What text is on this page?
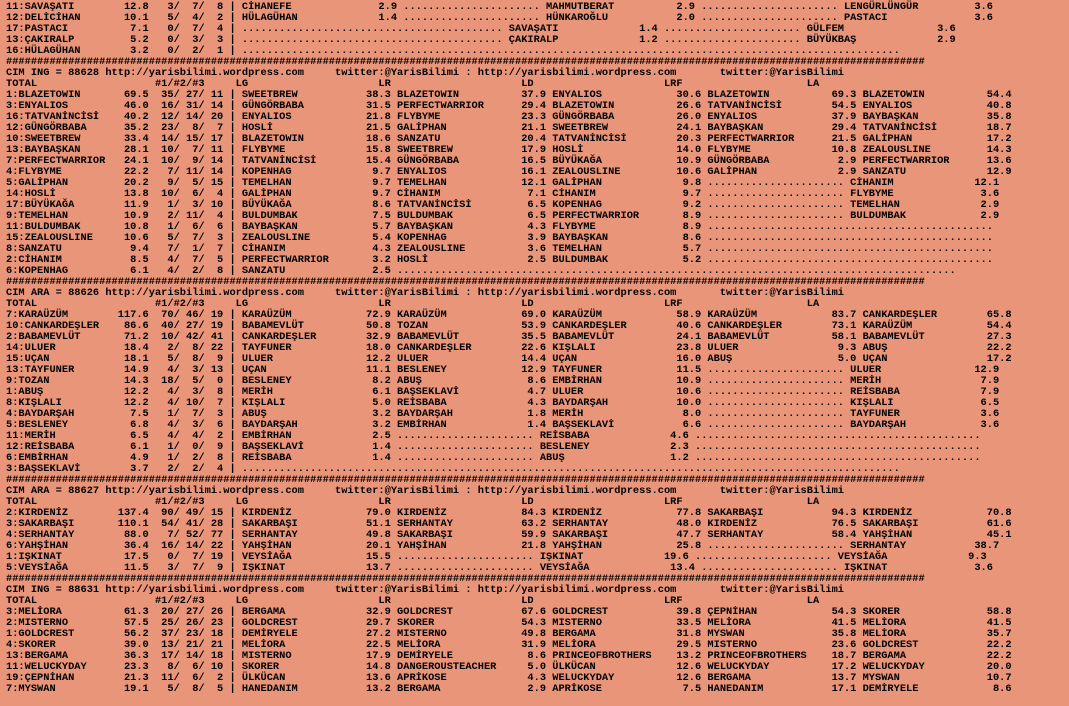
11:SAVAŞATI        12.8   3/  7/  8 | CİHANEFE              2.9 ...................... MAHMUTBERAT          2.9 ...................... LENGÜRLÜNGÜR         3.6
12:DELİCİHAN       10.1   5/  4/  2 | HÜLAGÜHAN             1.4 ...................... HÜNKAROĞLU           2.0 ...................... PASTACI              3.6
17:PASTACI          7.1   0/  7/  4 | .......................................... SAVAŞATI             1.4 ...................... GÜLFEM               3.6
13:ÇAKIRALP         5.2   0/  3/  3 | .......................................... ÇAKIRALP             1.2 ...................... BÜYÜKBAŞ             2.9
16:HÜLAGÜHAN        3.2   0/  2/  1 | ..........................................................................................................
####################################################################################################################################################
CIM ING = 88628 http://yarisbilimi.wordpress.com     twitter:@YarisBilimi : http://yarisbilimi.wordpress.com       twitter:@YarisBilimi
TOTAL                   #1/#2/#3     LG                     LR                     LD                     LRF                    LA
1:BLAZETOWIN       69.5  35/ 27/ 11 | SWEETBREW           38.3 BLAZETOWIN          37.9 ENYALIOS            30.6 BLAZETOWIN          69.3 BLAZETOWIN          54.4
3:ENYALIOS         46.0  16/ 31/ 14 | GÜNGÖRBABA          31.5 PERFECTWARRIOR      29.4 BLAZETOWIN          26.6 TATVANİNCİSİ        54.5 ENYALIOS            40.8
16:TATVANİNCİSİ    40.2  12/ 14/ 20 | ENYALIOS            21.8 FLYBYME             23.3 GÜNGÖRBABA          26.0 ENYALIOS            37.9 BAYBAŞKAN           35.8
12:GÜNGÖRBABA      35.2  23/  8/  7 | HOSLİ               21.5 GALİPHAN            21.1 SWEETBREW           24.1 BAYBAŞKAN           29.4 TATVANİNCİSİ        18.7
10:SWEETBREW       33.4  14/ 15/ 17 | BLAZETOWIN          18.6 SANZATU             20.4 TATVANİNCİSİ        20.3 PERFECTWARRIOR      21.5 GALİPHAN            17.2
13:BAYBAŞKAN       28.1  10/  7/ 11 | FLYBYME             15.8 SWEETBREW           17.9 HOSLİ               14.0 FLYBYME             10.8 ZEALOUSLINE         14.3
7:PERFECTWARRIOR   24.1  10/  9/ 14 | TATVANİNCİSİ        15.4 GÜNGÖRBABA          16.5 BÜYÜKAĞA            10.9 GÜNGÖRBABA           2.9 PERFECTWARRIOR      13.6
4:FLYBYME          22.2   7/ 11/ 14 | KOPENHAG             9.7 ENYALIOS            16.1 ZEALOUSLINE         10.6 GALİPHAN             2.9 SANZATU             12.9
5:GALİPHAN         20.2   9/  5/ 15 | TEMELHAN             9.7 TEMELHAN            12.1 GALİPHAN             9.8 ...................... CİHANIM             12.1
14:HOSLİ           13.8  10/  6/  4 | GALİPHAN             9.7 CİHANIM              7.1 CİHANIM              9.7 ...................... FLYBYME              3.6
17:BÜYÜKAĞA        11.9   1/  3/ 10 | BÜYÜKAĞA             8.6 TATVANİNCİSİ         6.5 KOPENHAG             9.2 ...................... TEMELHAN             2.9
9:TEMELHAN         10.9   2/ 11/  4 | BULDUMBAK            7.5 BULDUMBAK            6.5 PERFECTWARRIOR       8.9 ...................... BULDUMBAK            2.9
11:BULDUMBAK       10.8   1/  6/  6 | BAYBAŞKAN            5.7 BAYBAŞKAN            4.3 FLYBYME              8.9 ..............................................
15:ZEALOUSLINE     10.6   5/  7/  3 | ZEALOUSLINE          5.4 KOPENHAG             3.9 BAYBAŞKAN            8.6 ..............................................
8:SANZATU           9.4   7/  1/  7 | CİHANIM              4.3 ZEALOUSLINE          3.6 TEMELHAN             5.7 ..............................................
2:CİHANIM           8.5   4/  7/  5 | PERFECTWARRIOR       3.2 HOSLİ                2.5 BULDUMBAK            5.2 ..............................................
6:KOPENHAG          6.1   4/  2/  8 | SANZATU              2.5 ..........................................................................................
####################################################################################################################################################
CIM ARA = 88626 http://yarisbilimi.wordpress.com     twitter:@YarisBilimi : http://yarisbilimi.wordpress.com       twitter:@YarisBilimi
TOTAL                   #1/#2/#3     LG                     LR                     LD                     LRF                    LA
7:KARAÜZÜM        117.6  70/ 46/ 19 | KARAÜZÜM            72.9 KARAÜZÜM            69.0 KARAÜZÜM            58.9 KARAÜZÜM            83.7 CANKARDEŞLER        65.8
10:CANKARDEŞLER    86.6  40/ 27/ 19 | BABAMEVLÜT          50.8 TOZAN               53.9 CANKARDEŞLER        40.6 CANKARDEŞLER        73.1 KARAÜZÜM            54.4
2:BABAMEVLÜT       71.2  10/ 42/ 41 | CANKARDEŞLER        32.9 BABAMEVLÜT          35.5 BABAMEVLÜT          24.1 BABAMEVLÜT          58.1 BABAMEVLÜT          27.3
14:ULUER           18.4   2/  8/ 22 | TAYFUNER            18.0 CANKARDEŞLER        22.6 KIŞLALI             23.8 ULUER                9.3 ABUŞ                22.2
15:UÇAN            18.1   5/  8/  9 | ULUER               12.2 ULUER               14.4 UÇAN                16.0 ABUŞ                 5.0 UÇAN                17.2
13:TAYFUNER        14.9   4/  3/ 13 | UÇAN                11.1 BESLENEY            12.9 TAYFUNER            11.5 ...................... ULUER               12.9
9:TOZAN            14.3  18/  5/  0 | BESLENEY             8.2 ABUŞ                 8.6 EMBİRHAN            10.9 ...................... MERİH                7.9
1:ABUŞ             12.2   4/  3/  8 | MERİH                6.1 BAŞSEKLAVİ           4.7 ULUER               10.6 ...................... REİSBABA             7.9
8:KIŞLALI          12.2   4/ 10/  7 | KIŞLALI              5.0 REİSBABA             4.3 BAYDARŞAH           10.0 ...................... KIŞLALI              6.5
4:BAYDARŞAH         7.5   1/  7/  3 | ABUŞ                 3.2 BAYDARŞAH            1.8 MERİH                8.0 ...................... TAYFUNER             3.6
5:BESLENEY          6.8   4/  3/  6 | BAYDARŞAH            3.2 EMBİRHAN             1.4 BAŞSEKLAVİ           6.6 ...................... BAYDARŞAH            3.6
11:MERİH            6.5   4/  4/  2 | EMBİRHAN             2.5 ...................... REİSBABA             4.6 ..............................................
12:REİSBABA         6.1   1/  0/  9 | BAŞSEKLAVİ           1.4 ...................... BESLENEY             2.3 ..............................................
6:EMBİRHAN          4.9   1/  2/  8 | REİSBABA             1.4 ...................... ABUŞ                 1.2 ..............................................
3:BAŞSEKLAVİ        3.7   2/  2/  4 | ..........................................................................................................
####################################################################################################################################################
CIM ARA = 88627 http://yarisbilimi.wordpress.com     twitter:@YarisBilimi : http://yarisbilimi.wordpress.com       twitter:@YarisBilimi
TOTAL                   #1/#2/#3     LG                     LR                     LD                     LRF                    LA
2:KIRDENİZ        137.4  90/ 49/ 15 | KIRDENİZ            79.0 KIRDENİZ            84.3 KIRDENİZ            77.8 SAKARBAŞI           94.3 KIRDENİZ            70.8
3:SAKARBAŞI       110.1  54/ 41/ 28 | SAKARBAŞI           51.1 SERHANTAY           63.2 SERHANTAY           48.0 KIRDENİZ            76.5 SAKARBAŞI           61.6
4:SERHANTAY        88.0   7/ 52/ 77 | SERHANTAY           49.8 SAKARBAŞI           59.9 SAKARBAŞI           47.7 SERHANTAY           58.4 YAHŞİHAN            45.1
6:YAHŞİHAN         36.4  16/ 14/ 22 | YAHŞİHAN            20.1 YAHŞİHAN            21.8 YAHŞİHAN            25.8 ...................... SERHANTAY           38.7
1:IŞKINAT          17.5   0/  7/ 19 | VEYSİAĞA            15.5 ...................... IŞKINAT             19.6 ...................... VEYSİAĞA             9.3
5:VEYSİAĞA         11.5   3/  7/  9 | IŞKINAT             13.7 ...................... VEYSİAĞA             13.4 ...................... IŞKINAT              3.6
####################################################################################################################################################
CIM ING = 88631 http://yarisbilimi.wordpress.com     twitter:@YarisBilimi : http://yarisbilimi.wordpress.com       twitter:@YarisBilimi
TOTAL                   #1/#2/#3     LG                     LR                     LD                     LRF                    LA
3:MELİORA          61.3  20/ 27/ 26 | BERGAMA             32.9 GOLDCREST           67.6 GOLDCREST           39.8 ÇEPNİHAN            54.3 SKORER              58.8
2:MISTERNO         57.5  25/ 26/ 23 | GOLDCREST           29.7 SKORER              54.3 MISTERNO            33.5 MELİORA             41.5 MELİORA             41.5
1:GOLDCREST        56.2  37/ 23/ 18 | DEMİRYELE           27.2 MISTERNO            49.8 BERGAMA             31.8 MYSWAN              35.8 MELİORA             35.7
4:SKORER           39.0  13/ 21/ 21 | MELİORA             22.5 MELİORA             31.9 MELİORA             29.5 MISTERNO            23.6 GOLDCREST           22.2
13:BERGAMA         36.3  17/ 14/ 18 | MISTERNO            17.9 DEMİRYELE            8.6 PRINCEOFBROTHERS    13.2 PRINCEOFBROTHERS    18.7 BERGAMA             22.2
11:WELUCKYDAY      23.3   8/  6/ 10 | SKORER              14.8 DANGEROUSTEACHER     5.0 ÜLKÜCAN             12.6 WELUCKYDAY          17.2 WELUCKYDAY          20.0
19:ÇEPNİHAN        21.3  11/  6/  2 | ÜLKÜCAN             13.6 APRİKOSE             4.3 WELUCKYDAY          12.6 BERGAMA             13.7 MYSWAN              10.7
7:MYSWAN           19.1   5/  8/  5 | HANEDANIM           13.2 BERGAMA              2.9 APRİKOSE             7.5 HANEDANIM           17.1 DEMİRYELE            8.6
